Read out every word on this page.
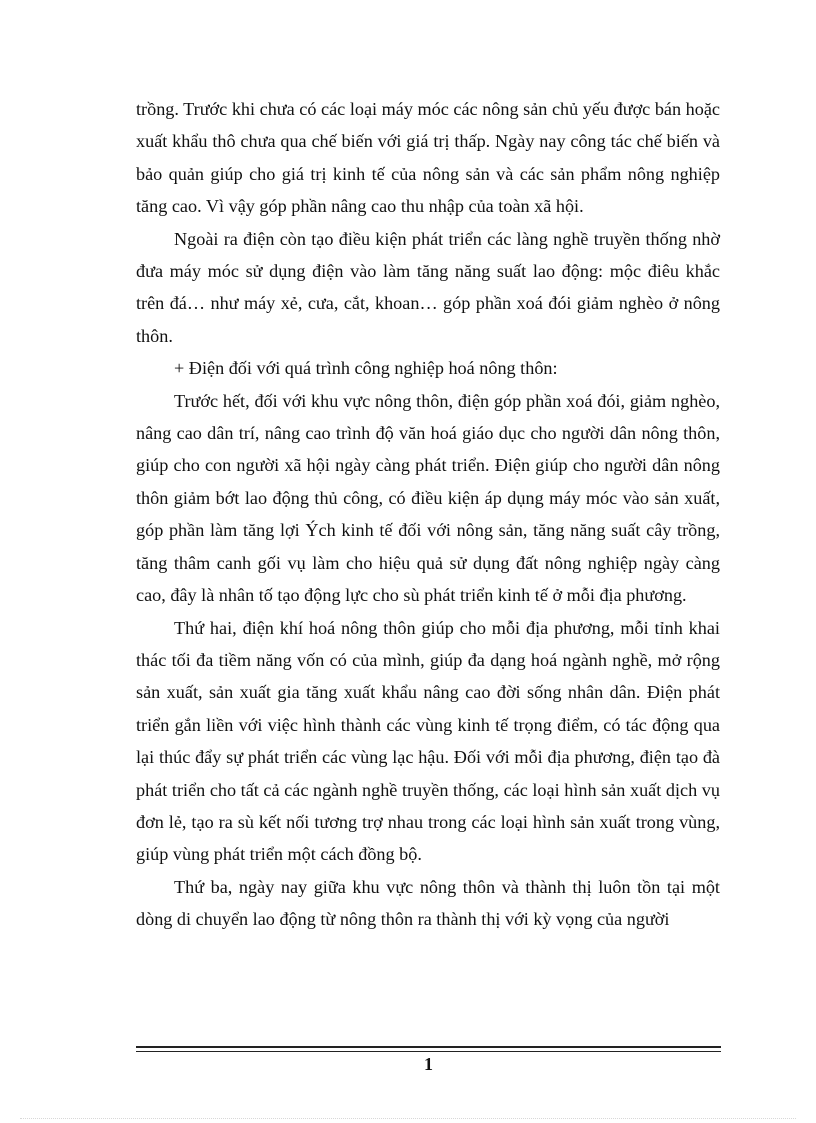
trồng. Trước khi chưa có các loại máy móc các nông sản chủ yếu được bán hoặc xuất khẩu thô chưa qua chế biến với giá trị thấp. Ngày nay công tác chế biến và bảo quản giúp cho giá trị kinh tế của nông sản và các sản phẩm nông nghiệp tăng cao. Vì vậy góp phần nâng cao thu nhập của toàn xã hội.

Ngoài ra điện còn tạo điều kiện phát triển các làng nghề truyền thống nhờ đưa máy móc sử dụng điện vào làm tăng năng suất lao động: mộc điêu khắc trên đá… như máy xẻ, cưa, cắt, khoan… góp phần xoá đói giảm nghèo ở nông thôn.

+ Điện đối với quá trình công nghiệp hoá nông thôn:

Trước hết, đối với khu vực nông thôn, điện góp phần xoá đói, giảm nghèo, nâng cao dân trí, nâng cao trình độ văn hoá giáo dục cho người dân nông thôn, giúp cho con người xã hội ngày càng phát triển. Điện giúp cho người dân nông thôn giảm bớt lao động thủ công, có điều kiện áp dụng máy móc vào sản xuất, góp phần làm tăng lợi Ých kinh tế đối với nông sản, tăng năng suất cây trồng, tăng thâm canh gối vụ làm cho hiệu quả sử dụng đất nông nghiệp ngày càng cao, đây là nhân tố tạo động lực cho sù phát triển kinh tế ở mỗi địa phương.

Thứ hai, điện khí hoá nông thôn giúp cho mỗi địa phương, mỗi tỉnh khai thác tối đa tiềm năng vốn có của mình, giúp đa dạng hoá ngành nghề, mở rộng sản xuất, sản xuất gia tăng xuất khẩu nâng cao đời sống nhân dân. Điện phát triển gắn liền với việc hình thành các vùng kinh tế trọng điểm, có tác động qua lại thúc đẩy sự phát triển các vùng lạc hậu. Đối với mỗi địa phương, điện tạo đà phát triển cho tất cả các ngành nghề truyền thống, các loại hình sản xuất dịch vụ đơn lẻ, tạo ra sù kết nối tương trợ nhau trong các loại hình sản xuất trong vùng, giúp vùng phát triển một cách đồng bộ.

Thứ ba, ngày nay giữa khu vực nông thôn và thành thị luôn tồn tại một dòng di chuyển lao động từ nông thôn ra thành thị với kỳ vọng của người

1
